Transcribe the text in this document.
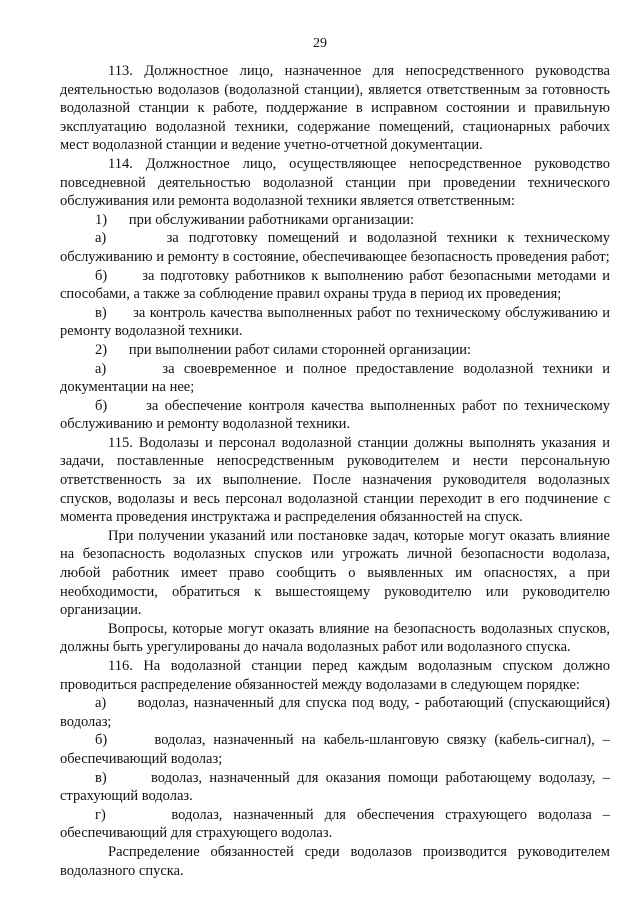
29

113. Должностное лицо, назначенное для непосредственного руководства деятельностью водолазов (водолазной станции), является ответственным за готовность водолазной станции к работе, поддержание в исправном состоянии и правильную эксплуатацию водолазной техники, содержание помещений, стационарных рабочих мест водолазной станции и ведение учетно-отчетной документации.

114. Должностное лицо, осуществляющее непосредственное руководство повседневной деятельностью водолазной станции при проведении технического обслуживания или ремонта водолазной техники является ответственным:

1)      при обслуживании работниками организации:

а)      за подготовку помещений и водолазной техники к техническому обслуживанию и ремонту в состояние, обеспечивающее безопасность проведения работ;

б)      за подготовку работников к выполнению работ безопасными методами и способами, а также за соблюдение правил охраны труда в период их проведения;

в)      за контроль качества выполненных работ по техническому обслуживанию и ремонту водолазной техники.

2)      при выполнении работ силами сторонней организации:

а)      за своевременное и полное предоставление водолазной техники и документации на нее;

б)      за обеспечение контроля качества выполненных работ по техническому обслуживанию и ремонту водолазной техники.

115. Водолазы и персонал водолазной станции должны выполнять указания и задачи, поставленные непосредственным руководителем и нести персональную ответственность за их выполнение. После назначения руководителя водолазных спусков, водолазы и весь персонал водолазной станции переходит в его подчинение с момента проведения инструктажа и распределения обязанностей на спуск.

При получении указаний или постановке задач, которые могут оказать влияние на безопасность водолазных спусков или угрожать личной безопасности водолаза, любой работник имеет право сообщить о выявленных им опасностях, а при необходимости, обратиться к вышестоящему руководителю или руководителю организации.

Вопросы, которые могут оказать влияние на безопасность водолазных спусков, должны быть урегулированы до начала водолазных работ или водолазного спуска.

116. На водолазной станции перед каждым водолазным спуском должно проводиться распределение обязанностей между водолазами в следующем порядке:

а)      водолаз, назначенный для спуска под воду, - работающий (спускающийся) водолаз;

б)      водолаз, назначенный на кабель-шланговую связку (кабель-сигнал), – обеспечивающий водолаз;

в)      водолаз, назначенный для оказания помощи работающему водолазу, – страхующий водолаз.

г)      водолаз, назначенный для обеспечения страхующего водолаза – обеспечивающий для страхующего водолаз.

Распределение обязанностей среди водолазов производится руководителем водолазного спуска.
